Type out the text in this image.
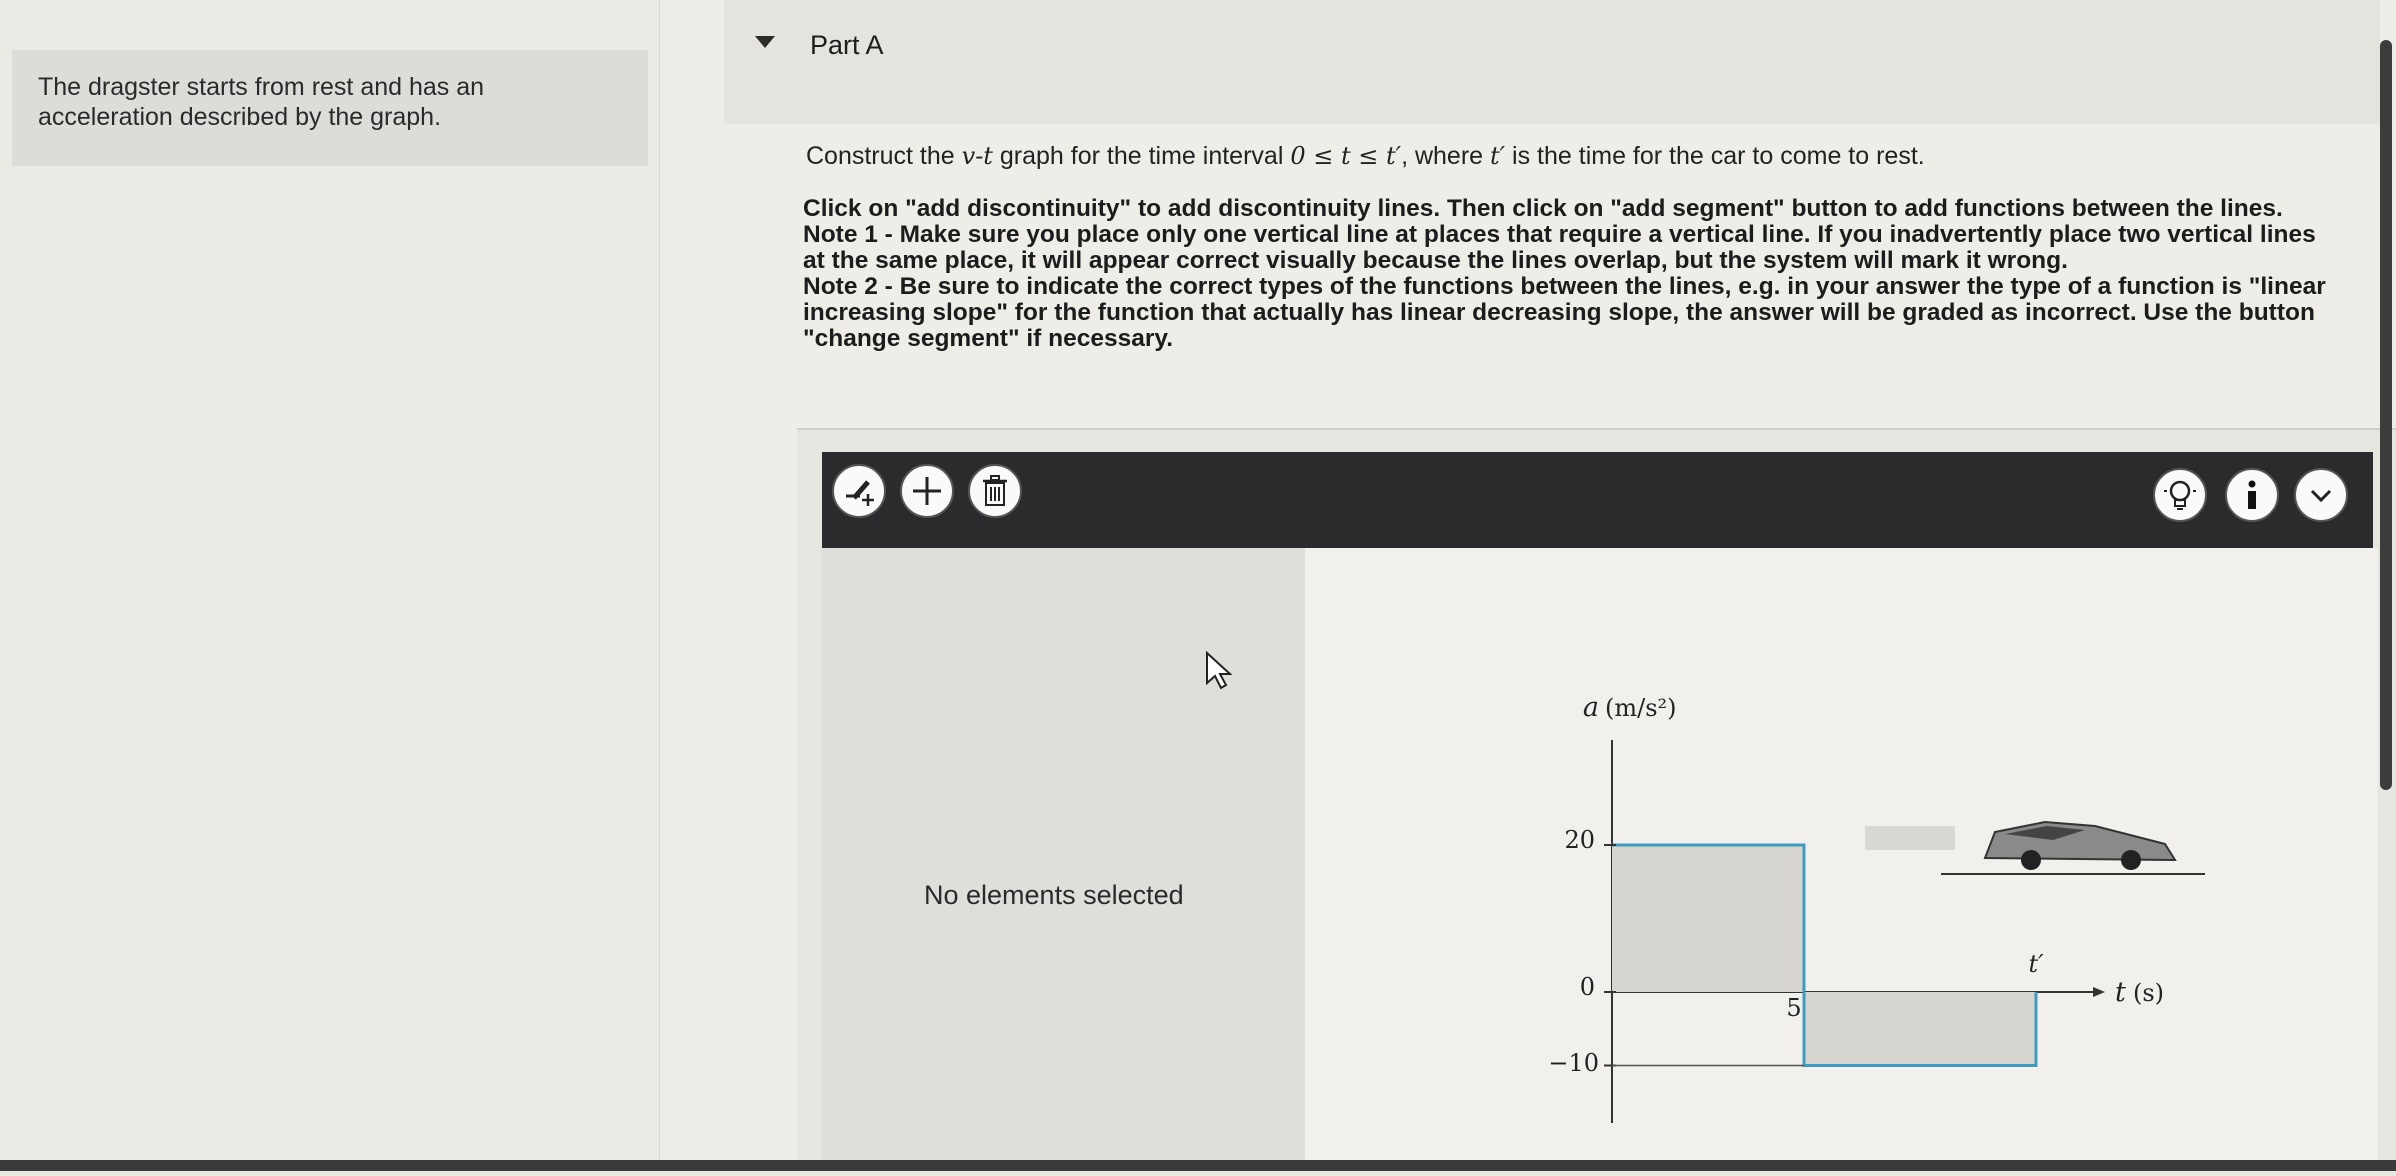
The dragster starts from rest and has an acceleration described by the graph.
Part A
Construct the v-t graph for the time interval 0 ≤ t ≤ t′, where t′ is the time for the car to come to rest.

Click on "add discontinuity" to add discontinuity lines. Then click on "add segment" button to add functions between the lines.

Note 1 - Make sure you place only one vertical line at places that require a vertical line. If you inadvertently place two vertical lines at the same place, it will appear correct visually because the lines overlap, but the system will mark it wrong.

Note 2 - Be sure to indicate the correct types of the functions between the lines, e.g. in your answer the type of a function is "linear increasing slope" for the function that actually has linear decreasing slope, the answer will be graded as incorrect. Use the button "change segment" if necessary.

No elements selected
a (m/s²)
t (s)
20
0
−10
5
t′
